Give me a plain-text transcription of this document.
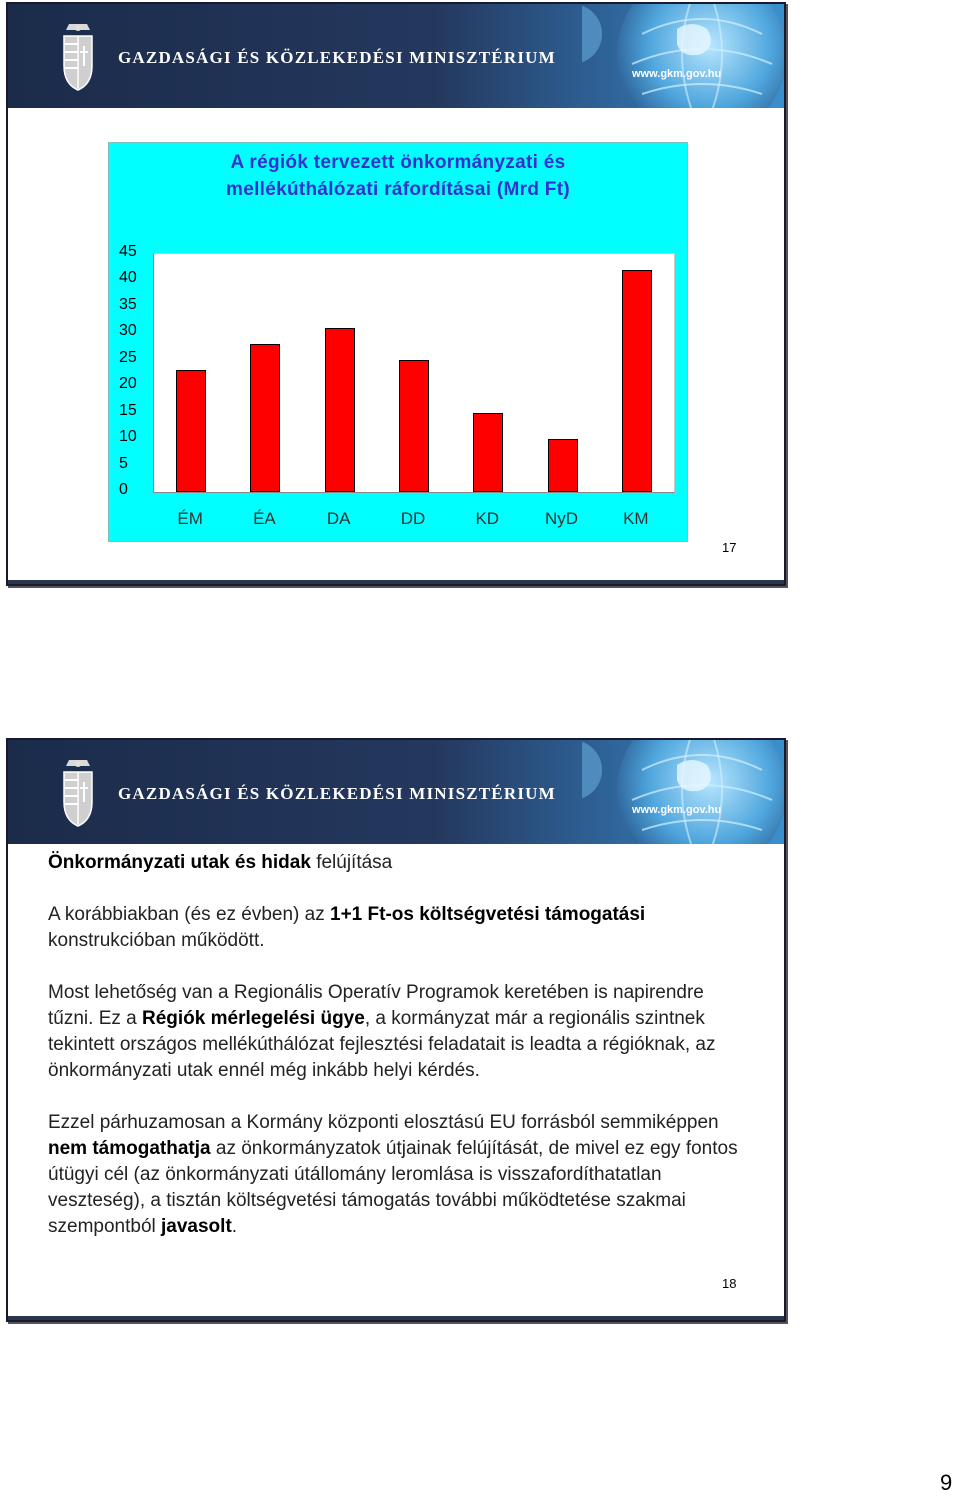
GAZDASÁGI ÉS KÖZLEKEDÉSI MINISZTÉRIUM
www.gkm.gov.hu
A régiók tervezett önkormányzati és
mellékúthálózati ráfordításai (Mrd Ft)
45
40
35
30
25
20
15
10
5
0
ÉM	ÉA	DA	DD	KD	NyD	KM
17
GAZDASÁGI ÉS KÖZLEKEDÉSI MINISZTÉRIUM
www.gkm.gov.hu

Önkormányzati utak és hidak felújítása

A korábbiakban (és ez évben) az 1+1 Ft-os költségvetési támogatási konstrukcióban működött.

Most lehetőség van a Regionális Operatív Programok keretében is napirendre tűzni. Ez a Régiók mérlegelési ügye, a kormányzat már a regionális szintnek tekintett országos mellékúthálózat fejlesztési feladatait is leadta a régióknak, az önkormányzati utak ennél még inkább helyi kérdés.

Ezzel párhuzamosan a Kormány központi elosztású EU forrásból semmiképpen nem támogathatja az önkormányzatok útjainak felújítását, de mivel ez egy fontos útügyi cél (az önkormányzati útállomány leromlása is visszafordíthatatlan veszteség), a tisztán költségvetési támogatás további működtetése szakmai szempontból javasolt.

18
9
